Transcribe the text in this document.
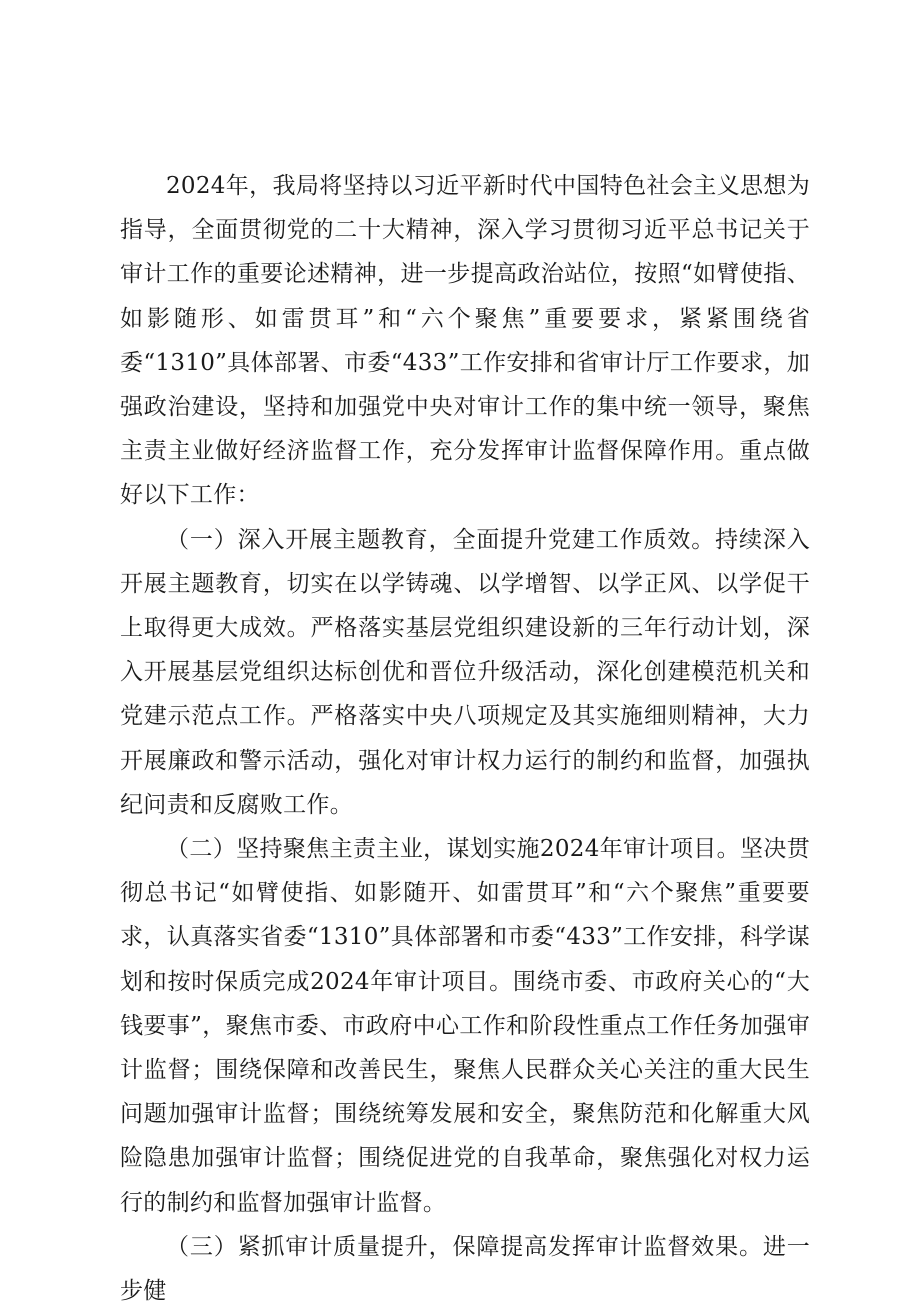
2024年，我局将坚持以习近平新时代中国特色社会主义思想为指导，全面贯彻党的二十大精神，深入学习贯彻习近平总书记关于审计工作的重要论述精神，进一步提高政治站位，按照“如臂使指、如影随形、如雷贯耳”和“六个聚焦”重要要求，紧紧围绕省委“1310”具体部署、市委“433”工作安排和省审计厅工作要求，加强政治建设，坚持和加强党中央对审计工作的集中统一领导，聚焦主责主业做好经济监督工作，充分发挥审计监督保障作用。重点做好以下工作：

（一）深入开展主题教育，全面提升党建工作质效。持续深入开展主题教育，切实在以学铸魂、以学增智、以学正风、以学促干上取得更大成效。严格落实基层党组织建设新的三年行动计划，深入开展基层党组织达标创优和晋位升级活动，深化创建模范机关和党建示范点工作。严格落实中央八项规定及其实施细则精神，大力开展廉政和警示活动，强化对审计权力运行的制约和监督，加强执纪问责和反腐败工作。

（二）坚持聚焦主责主业，谋划实施2024年审计项目。坚决贯彻总书记“如臂使指、如影随开、如雷贯耳”和“六个聚焦”重要要求，认真落实省委“1310”具体部署和市委“433”工作安排，科学谋划和按时保质完成2024年审计项目。围绕市委、市政府关心的“大钱要事”，聚焦市委、市政府中心工作和阶段性重点工作任务加强审计监督；围绕保障和改善民生，聚焦人民群众关心关注的重大民生问题加强审计监督；围绕统筹发展和安全，聚焦防范和化解重大风险隐患加强审计监督；围绕促进党的自我革命，聚焦强化对权力运行的制约和监督加强审计监督。

（三）紧抓审计质量提升，保障提高发挥审计监督效果。进一步健
